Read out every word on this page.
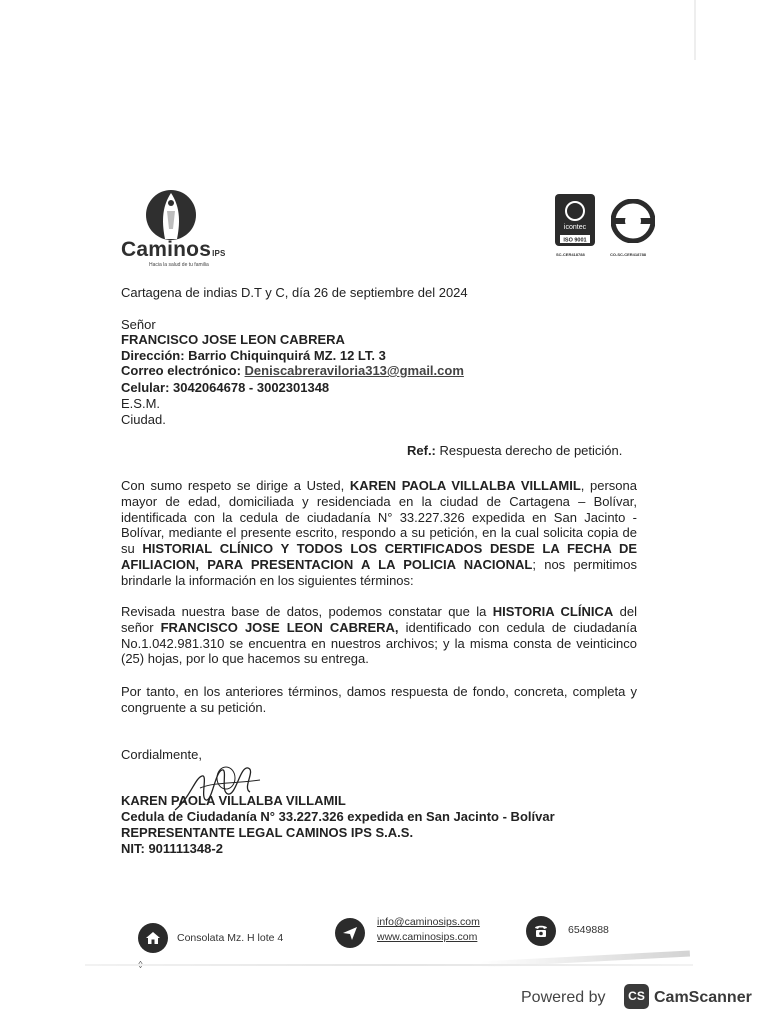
CaminosIPS
Hacia la salud de tu familia
icontec
ISO 9001
SC-CER418788	CO-SC-CER418788
Cartagena de indias D.T y C, día 26 de septiembre del 2024
Señor
FRANCISCO JOSE LEON CABRERA
Dirección: Barrio Chiquinquirá MZ. 12 LT. 3
Correo electrónico: Deniscabreraviloria313@gmail.com
Celular: 3042064678 - 3002301348
E.S.M.
Ciudad.
Ref.: Respuesta derecho de petición.
Con sumo respeto se dirige a Usted, KAREN PAOLA VILLALBA VILLAMIL, persona mayor de edad, domiciliada y residenciada en la ciudad de Cartagena – Bolívar, identificada con la cedula de ciudadanía N° 33.227.326 expedida en San Jacinto - Bolívar, mediante el presente escrito, respondo a su petición, en la cual solicita copia de su HISTORIAL CLÍNICO Y TODOS LOS CERTIFICADOS DESDE LA FECHA DE AFILIACION, PARA PRESENTACION A LA POLICIA NACIONAL; nos permitimos brindarle la información en los siguientes términos:
Revisada nuestra base de datos, podemos constatar que la HISTORIA CLÍNICA del señor FRANCISCO JOSE LEON CABRERA, identificado con cedula de ciudadanía No.1.042.981.310 se encuentra en nuestros archivos; y la misma consta de veinticinco (25) hojas, por lo que hacemos su entrega.
Por tanto, en los anteriores términos, damos respuesta de fondo, concreta, completa y congruente a su petición.
Cordialmente,
KAREN PAOLA VILLALBA VILLAMIL
Cedula de Ciudadanía N° 33.227.326 expedida en San Jacinto - Bolívar
REPRESENTANTE LEGAL CAMINOS IPS S.A.S.
NIT: 901111348-2
Consolata Mz. H lote 4
info@caminosips.com
www.caminosips.com
6549888
Powered by	CS CamScanner
